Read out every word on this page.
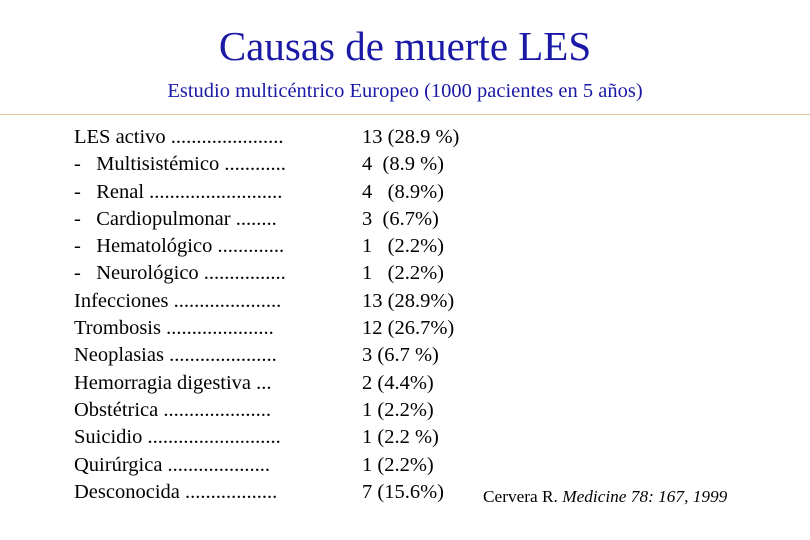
Causas de muerte LES
Estudio multicéntrico Europeo (1000 pacientes en 5 años)
LES activo ......................
-   Multisistémico ............
-   Renal ..........................
-   Cardiopulmonar ........
-   Hematológico .............
-   Neurológico ................
Infecciones .....................
Trombosis .....................
Neoplasias .....................
Hemorragia digestiva ...
Obstétrica .....................
Suicidio ..........................
Quirúrgica ....................
Desconocida ..................
13 (28.9 %)
4  (8.9 %)
4   (8.9%)
3  (6.7%)
1   (2.2%)
1   (2.2%)
13 (28.9%)
12 (26.7%)
3 (6.7 %)
2 (4.4%)
1 (2.2%)
1 (2.2 %)
1 (2.2%)
7 (15.6%)	Cervera R. Medicine 78: 167, 1999
